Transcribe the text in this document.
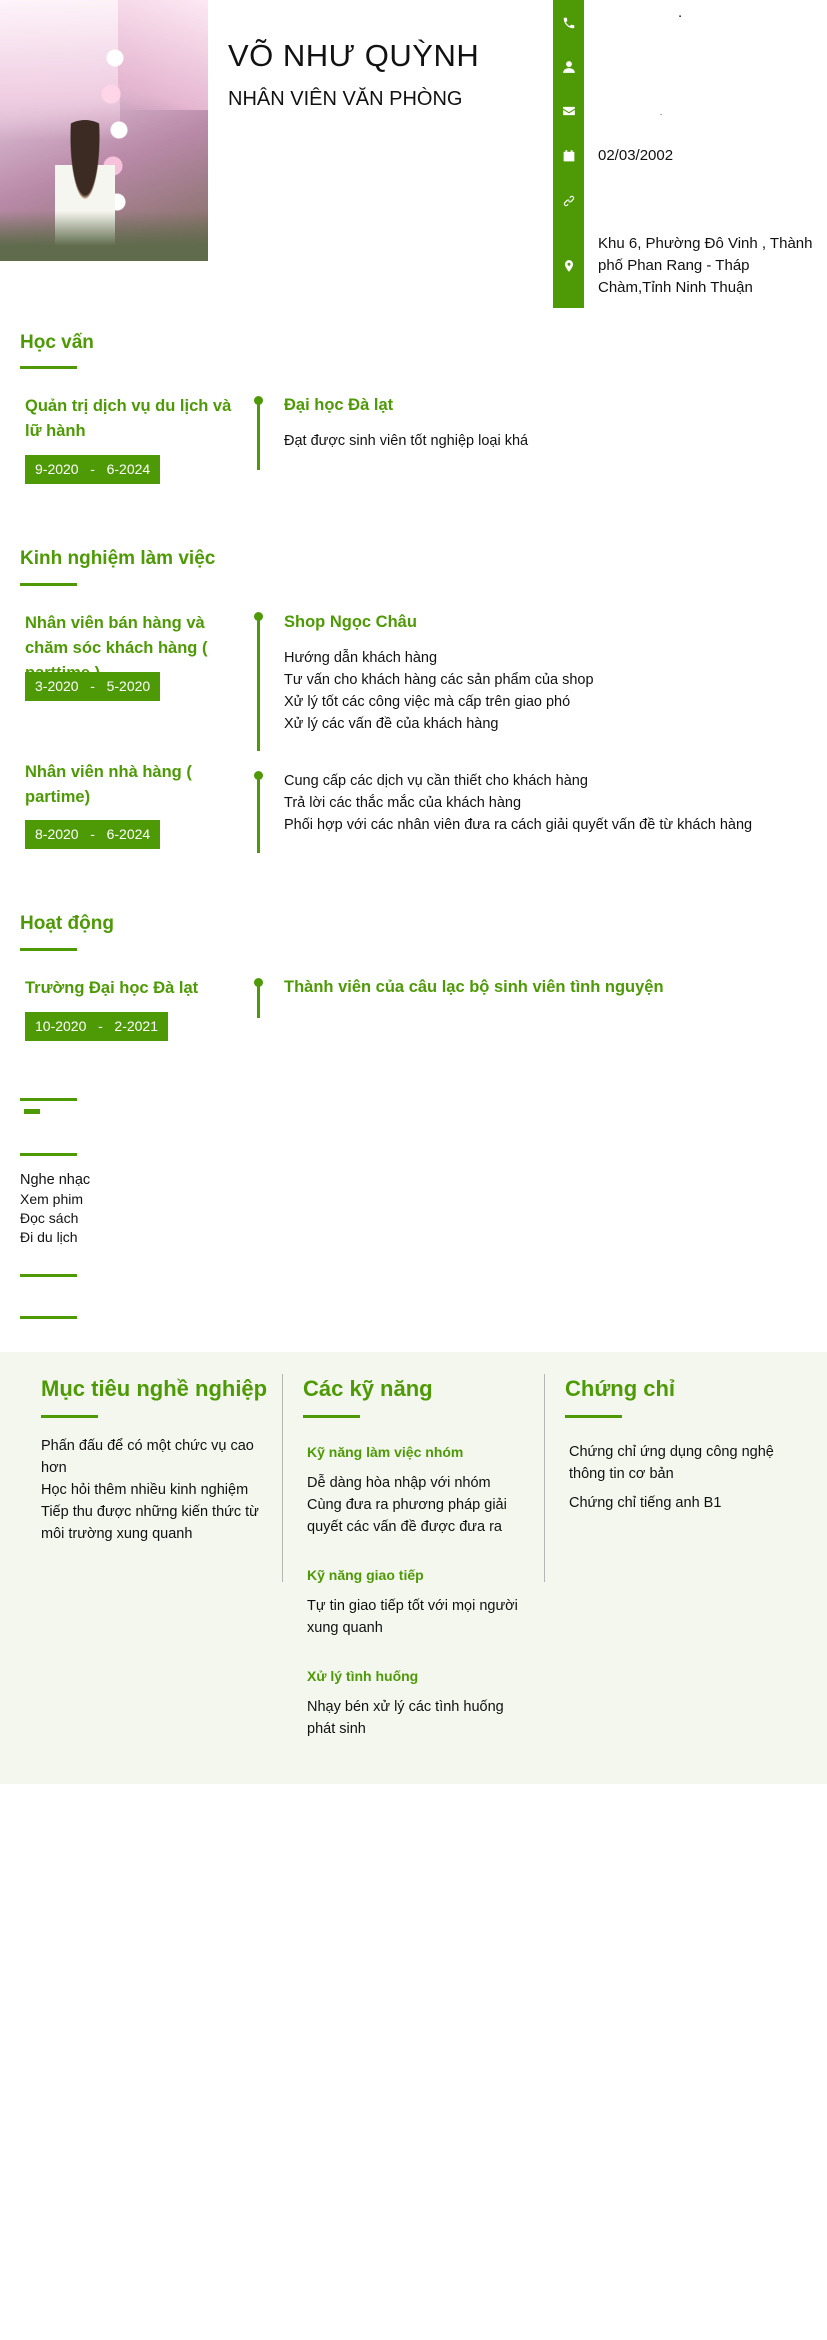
VÕ NHƯ QUỲNH
NHÂN VIÊN VĂN PHÒNG
.
.
02/03/2002
Khu 6, Phường Đô Vinh , Thành phố Phan Rang - Tháp Chàm,Tỉnh Ninh Thuận
Học vấn
Quản trị dịch vụ du lịch và lữ hành
9-2020 - 6-2024
Đại học Đà lạt
Đạt được sinh viên tốt nghiệp loại khá
Kinh nghiệm làm việc
Nhân viên bán hàng và chăm sóc khách hàng (
3-2020 - 5-2020
Shop Ngọc Châu
Hướng dẫn khách hàng
Tư vấn cho khách hàng các sản phẩm của shop
Xử lý tốt các công việc mà cấp trên giao phó
Xử lý các vấn đề của khách hàng
Nhân viên nhà hàng ( partime)
8-2020 - 6-2024
Cung cấp các dịch vụ cần thiết cho khách hàng
Trả lời các thắc mắc của khách hàng
Phối hợp với các nhân viên đưa ra cách giải quyết vấn đề từ khách hàng
Hoạt động
Trường Đại học Đà lạt
10-2020 - 2-2021
Thành viên của câu lạc bộ sinh viên tình nguyện
Nghe nhạc
Xem phim
Đọc sách
Đi du lịch
Mục tiêu nghề nghiệp
Phấn đấu để có một chức vụ cao
hơn
Học hỏi thêm nhiều kinh nghiệm
Tiếp thu được những kiến thức từ
môi trường xung quanh
Các kỹ năng
Kỹ năng làm việc nhóm
Dễ dàng hòa nhập với nhóm
Cùng đưa ra phương pháp giải
quyết các vấn đề được đưa ra
Kỹ năng giao tiếp
Tự tin giao tiếp tốt với mọi người
xung quanh
Xử lý tình huống
Nhạy bén xử lý các tình huống
phát sinh
Chứng chỉ
Chứng chỉ ứng dụng công nghệ
thông tin cơ bản
Chứng chỉ tiếng anh B1
